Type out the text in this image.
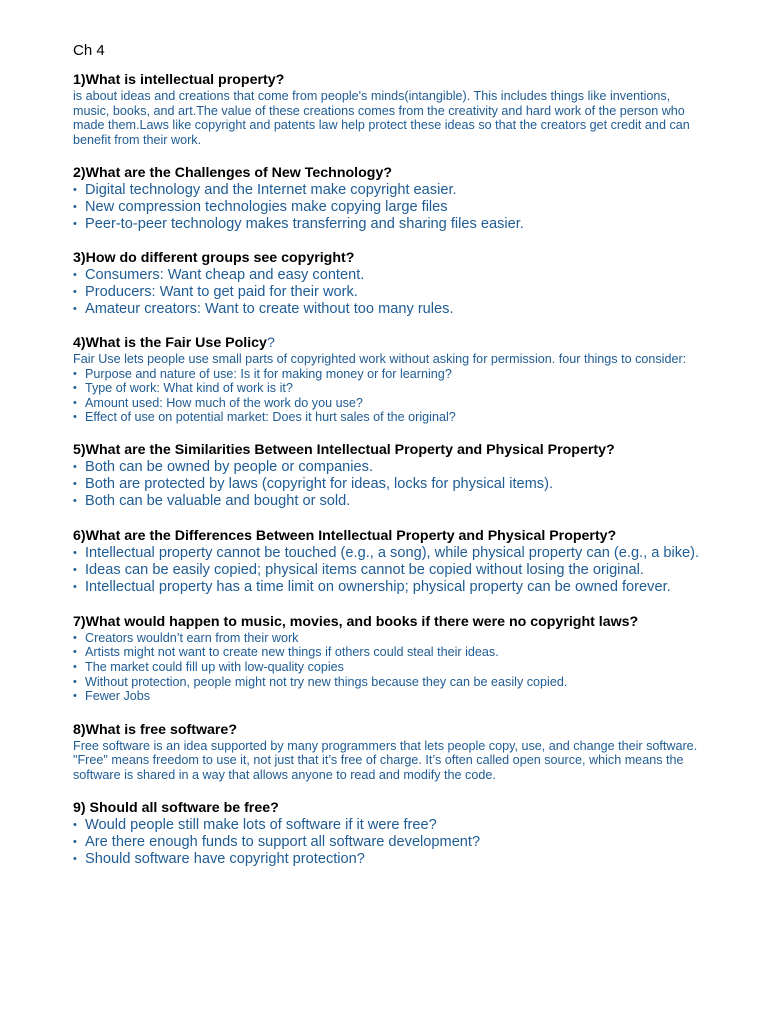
Ch 4

1)What is intellectual property?

is about ideas and creations that come from people's minds(intangible). This includes things like inventions, music, books, and art.The value of these creations comes from the creativity and hard work of the person who made them.Laws like copyright and patents law help protect these ideas so that the creators get credit and can benefit from their work.

2)What are the Challenges of New Technology?

• Digital technology and the Internet make copyright easier.
• New compression technologies make copying large files
• Peer-to-peer technology makes transferring and sharing files easier.

3)How do different groups see copyright?

• Consumers: Want cheap and easy content.
• Producers: Want to get paid for their work.
• Amateur creators: Want to create without too many rules.

4)What is the Fair Use Policy?

Fair Use lets people use small parts of copyrighted work without asking for permission. four things to consider:

• Purpose and nature of use: Is it for making money or for learning?
• Type of work: What kind of work is it?
• Amount used: How much of the work do you use?
• Effect of use on potential market: Does it hurt sales of the original?

5)What are the Similarities Between Intellectual Property and Physical Property?

• Both can be owned by people or companies.
• Both are protected by laws (copyright for ideas, locks for physical items).
• Both can be valuable and bought or sold.

6)What are the Differences Between Intellectual Property and Physical Property?

• Intellectual property cannot be touched (e.g., a song), while physical property can (e.g., a bike).
• Ideas can be easily copied; physical items cannot be copied without losing the original.
• Intellectual property has a time limit on ownership; physical property can be owned forever.

7)What would happen to music, movies, and books if there were no copyright laws?

• Creators wouldn’t earn from their work
• Artists might not want to create new things if others could steal their ideas.
• The market could fill up with low-quality copies
• Without protection, people might not try new things because they can be easily copied.
• Fewer Jobs

8)What is free software?

Free software is an idea supported by many programmers that lets people copy, use, and change their software. "Free" means freedom to use it, not just that it’s free of charge. It’s often called open source, which means the software is shared in a way that allows anyone to read and modify the code.

9) Should all software be free?

• Would people still make lots of software if it were free?
• Are there enough funds to support all software development?
• Should software have copyright protection?
